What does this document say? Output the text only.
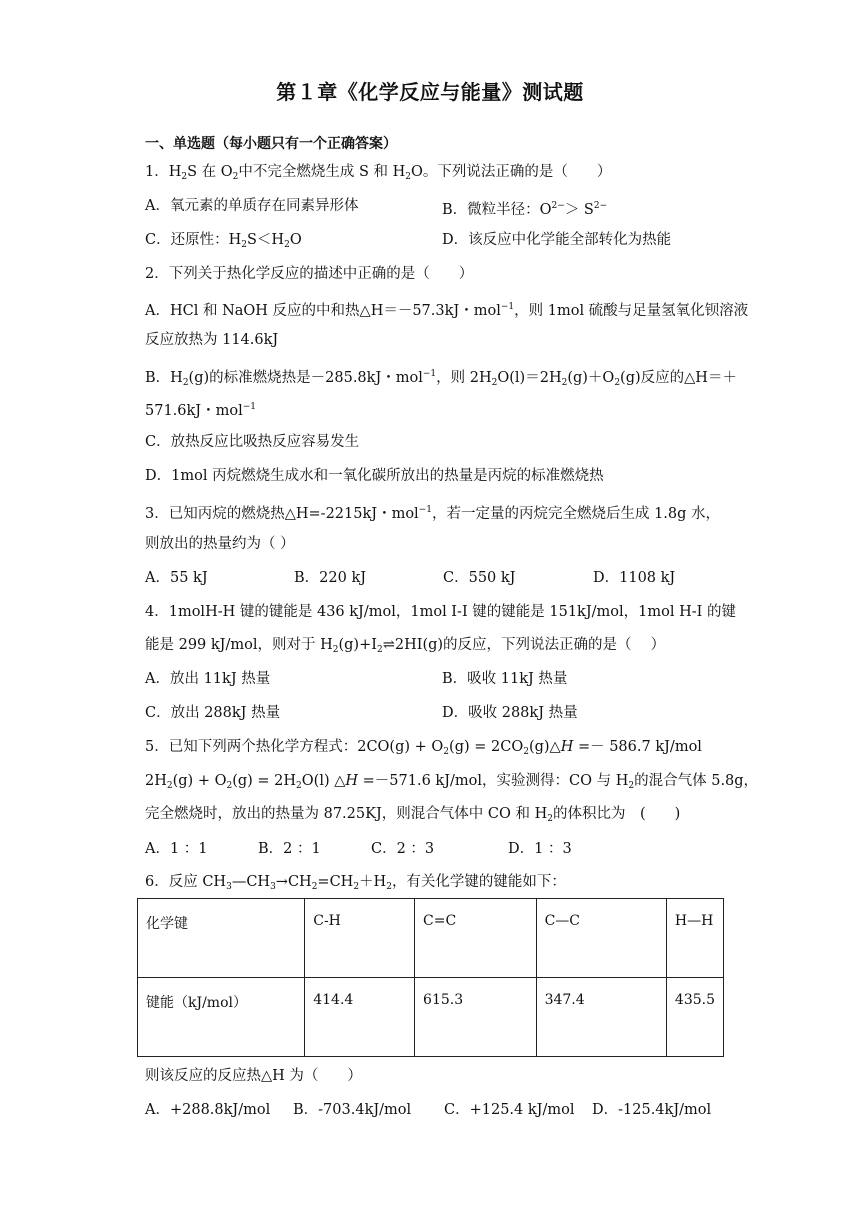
第１章《化学反应与能量》测试题
一、单选题（每小题只有一个正确答案）
1．$H_2S$ 在 $O_2$中不完全燃烧生成 S 和 $H_2O$。下列说法正确的是（　　）
A．氧元素的单质存在同素异形体	B．微粒半径：$O^{2-}> S^{2-}$
C．还原性：$H_2S<H_2O$	D．该反应中化学能全部转化为热能
2．下列关于热化学反应的描述中正确的是（　　）
A．HCl 和 NaOH 反应的中和热△H＝－57.3kJ・mol$^{-1}$，则 1mol 硫酸与足量氢氧化钡溶液
反应放热为 114.6kJ
B．$H_2(g)$的标准燃烧热是－285.8kJ・mol$^{-1}$，则 $2H_2O(l)=2H_2(g)+O_2(g)$反应的△H＝＋
571.6kJ・mol$^{-1}$
C．放热反应比吸热反应容易发生
D．1mol 丙烷燃烧生成水和一氧化碳所放出的热量是丙烷的标准燃烧热
3．已知丙烷的燃烧热△H=-2215kJ・mol$^{-1}$，若一定量的丙烷完全燃烧后生成 1.8g 水，
则放出的热量约为（ ）
A．55 kJ	B．220 kJ	C．550 kJ	D．1108 kJ
4．1molH-H 键的键能是 436 kJ/mol，1mol I-I 键的键能是 151kJ/mol，1mol H-I 的键
能是 299 kJ/mol，则对于 $H_2(g)+I_2\rightleftharpoons 2HI(g)$的反应，下列说法正确的是（　 ）
A．放出 11kJ 热量	B．吸收 11kJ 热量
C．放出 288kJ 热量	D．吸收 288kJ 热量
5．已知下列两个热化学方程式：$2CO(g) + O_2(g)$ = $2CO_2(g)\triangle H =- 586.7$ kJ/mol
$2H_2(g) + O_2(g) = 2H_2O(l)$ △H =－571.6 kJ/mol，实验测得：CO 与 $H_2$的混合气体 5.8g，
完全燃烧时，放出的热量为 87.25KJ，则混合气体中 CO 和 $H_2$的体积比为　(　　)
A．1 ：1	B．2 ：1	C．2 ：3	D．1 ：3
6．反应 $CH_3—CH_3\to CH_2=CH_2+H_2$，有关化学键的键能如下：
化学键	C-H	C=C	C—C	H—H
键能（kJ/mol）	414.4	615.3	347.4	435.5
则该反应的反应热△H 为（　　）
A．+288.8kJ/mol B．-703.4kJ/mol C．+125.4 kJ/mol D．-125.4kJ/mol
